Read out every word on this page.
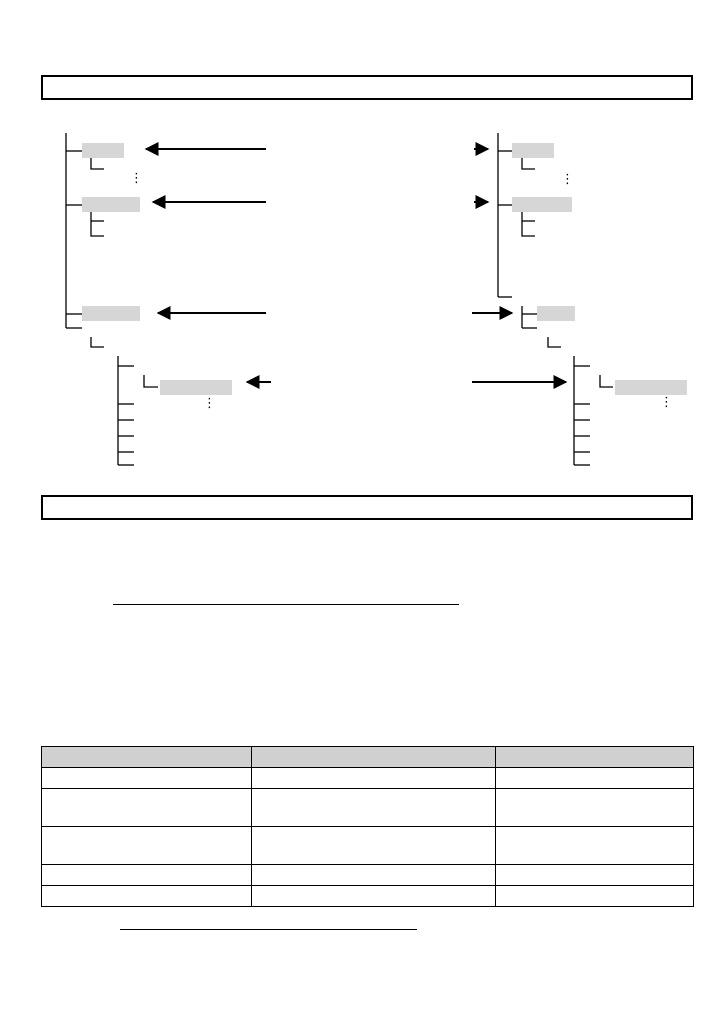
⋮
⋮
⋮
⋮
